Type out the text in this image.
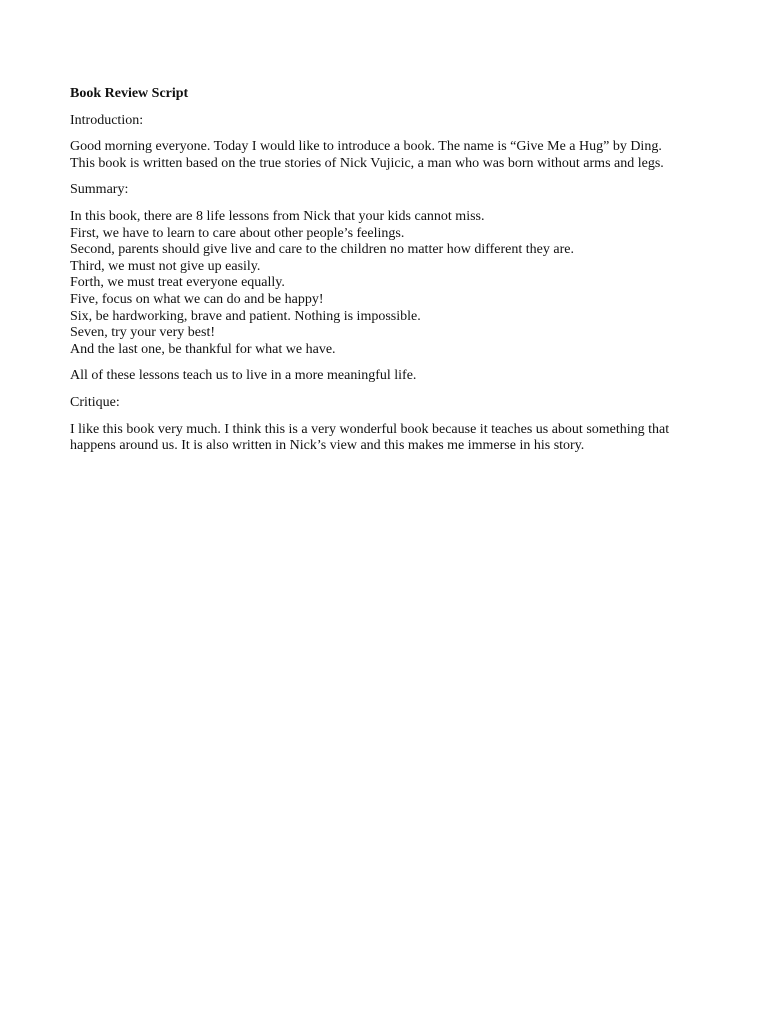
Book Review Script

Introduction:

Good morning everyone. Today I would like to introduce a book. The name is “Give Me a Hug” by Ding.
This book is written based on the true stories of Nick Vujicic, a man who was born without arms and legs.

Summary:

In this book, there are 8 life lessons from Nick that your kids cannot miss.
First, we have to learn to care about other people’s feelings.
Second, parents should give live and care to the children no matter how different they are.
Third, we must not give up easily.
Forth, we must treat everyone equally.
Five, focus on what we can do and be happy!
Six, be hardworking, brave and patient. Nothing is impossible.
Seven, try your very best!
And the last one, be thankful for what we have.

All of these lessons teach us to live in a more meaningful life.

Critique:

I like this book very much. I think this is a very wonderful book because it teaches us about something that
happens around us. It is also written in Nick’s view and this makes me immerse in his story.
